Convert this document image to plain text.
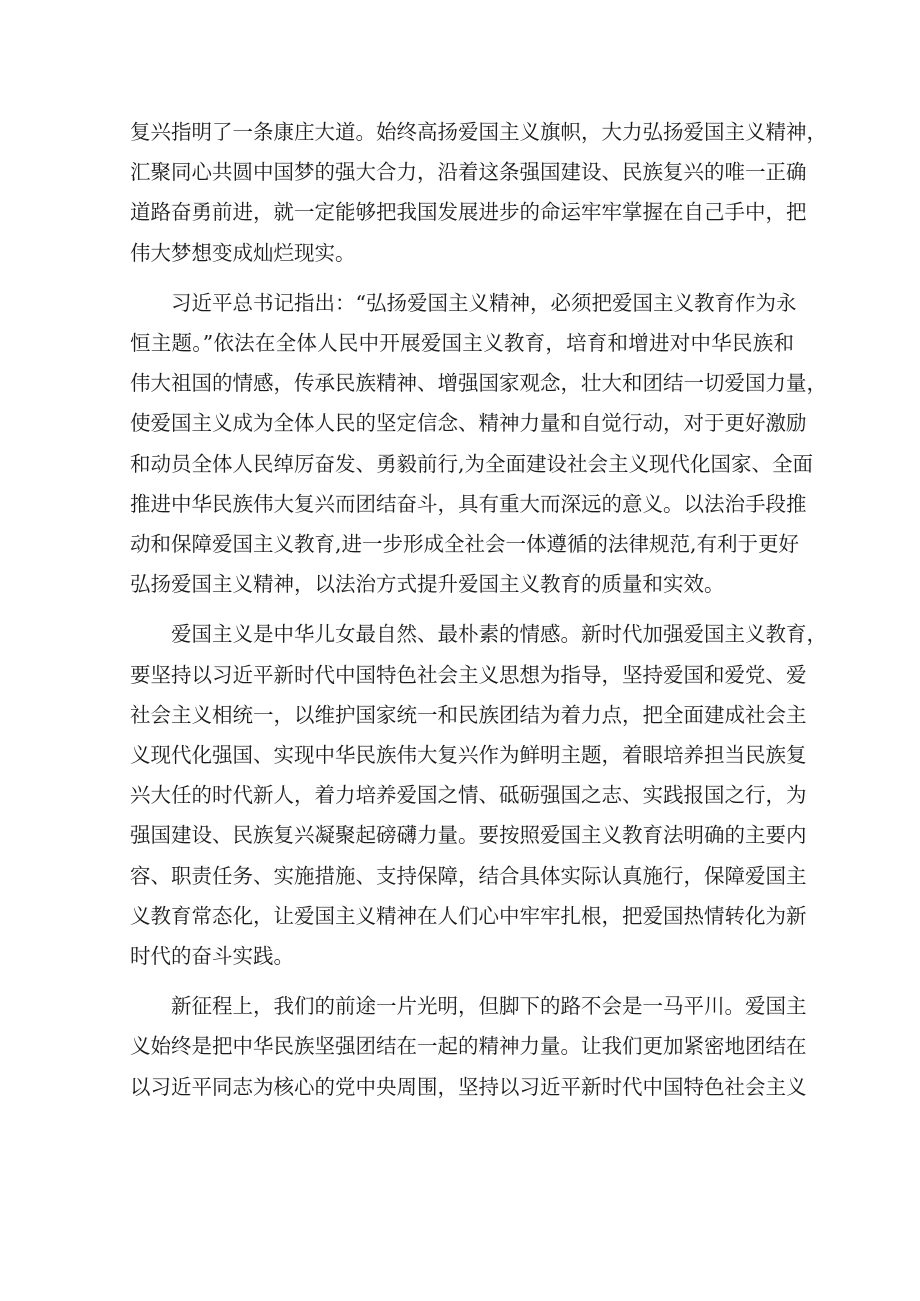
复兴指明了一条康庄大道。始终高扬爱国主义旗帜，大力弘扬爱国主义精神，
汇聚同心共圆中国梦的强大合力，沿着这条强国建设、民族复兴的唯一正确
道路奋勇前进，就一定能够把我国发展进步的命运牢牢掌握在自己手中，把
伟大梦想变成灿烂现实。

习近平总书记指出：“弘扬爱国主义精神，必须把爱国主义教育作为永
恒主题。”依法在全体人民中开展爱国主义教育，培育和增进对中华民族和
伟大祖国的情感，传承民族精神、增强国家观念，壮大和团结一切爱国力量，
使爱国主义成为全体人民的坚定信念、精神力量和自觉行动，对于更好激励
和动员全体人民绰厉奋发、勇毅前行,为全面建设社会主义现代化国家、全面
推进中华民族伟大复兴而团结奋斗，具有重大而深远的意义。以法治手段推
动和保障爱国主义教育,进一步形成全社会一体遵循的法律规范,有利于更好
弘扬爱国主义精神，以法治方式提升爱国主义教育的质量和实效。

爱国主义是中华儿女最自然、最朴素的情感。新时代加强爱国主义教育，
要坚持以习近平新时代中国特色社会主义思想为指导，坚持爱国和爱党、爱
社会主义相统一，以维护国家统一和民族团结为着力点，把全面建成社会主
义现代化强国、实现中华民族伟大复兴作为鲜明主题，着眼培养担当民族复
兴大任的时代新人，着力培养爱国之情、砥砺强国之志、实践报国之行，为
强国建设、民族复兴凝聚起磅礴力量。要按照爱国主义教育法明确的主要内
容、职责任务、实施措施、支持保障，结合具体实际认真施行，保障爱国主
义教育常态化，让爱国主义精神在人们心中牢牢扎根，把爱国热情转化为新
时代的奋斗实践。

新征程上，我们的前途一片光明，但脚下的路不会是一马平川。爱国主
义始终是把中华民族坚强团结在一起的精神力量。让我们更加紧密地团结在
以习近平同志为核心的党中央周围，坚持以习近平新时代中国特色社会主义
